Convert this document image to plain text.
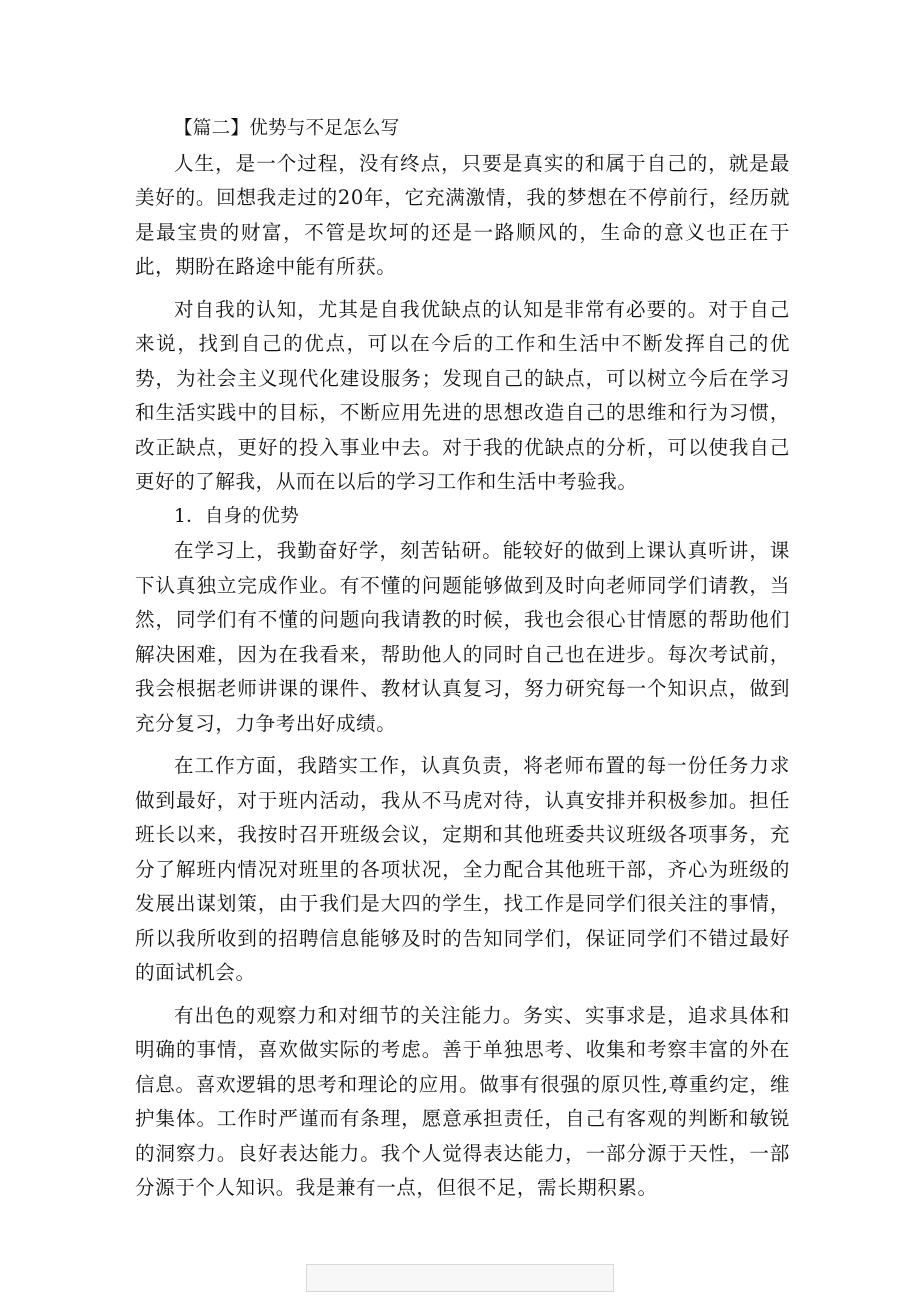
【篇二】优势与不足怎么写

人生，是一个过程，没有终点，只要是真实的和属于自己的，就是最美好的。回想我走过的20年，它充满激情，我的梦想在不停前行，经历就是最宝贵的财富，不管是坎坷的还是一路顺风的，生命的意义也正在于此，期盼在路途中能有所获。

对自我的认知，尤其是自我优缺点的认知是非常有必要的。对于自己来说，找到自己的优点，可以在今后的工作和生活中不断发挥自己的优势，为社会主义现代化建设服务；发现自己的缺点，可以树立今后在学习和生活实践中的目标，不断应用先进的思想改造自己的思维和行为习惯，改正缺点，更好的投入事业中去。对于我的优缺点的分析，可以使我自己更好的了解我，从而在以后的学习工作和生活中考验我。

1．自身的优势

在学习上，我勤奋好学，刻苦钻研。能较好的做到上课认真听讲，课下认真独立完成作业。有不懂的问题能够做到及时向老师同学们请教，当然，同学们有不懂的问题向我请教的时候，我也会很心甘情愿的帮助他们解决困难，因为在我看来，帮助他人的同时自己也在进步。每次考试前，我会根据老师讲课的课件、教材认真复习，努力研究每一个知识点，做到充分复习，力争考出好成绩。

在工作方面，我踏实工作，认真负责，将老师布置的每一份任务力求做到最好，对于班内活动，我从不马虎对待，认真安排并积极参加。担任班长以来，我按时召开班级会议，定期和其他班委共议班级各项事务，充分了解班内情况对班里的各项状况，全力配合其他班干部，齐心为班级的发展出谋划策，由于我们是大四的学生，找工作是同学们很关注的事情，所以我所收到的招聘信息能够及时的告知同学们，保证同学们不错过最好的面试机会。

有出色的观察力和对细节的关注能力。务实、实事求是，追求具体和明确的事情，喜欢做实际的考虑。善于单独思考、收集和考察丰富的外在信息。喜欢逻辑的思考和理论的应用。做事有很强的原贝性,尊重约定，维护集体。工作时严谨而有条理，愿意承担责任，自己有客观的判断和敏锐的洞察力。良好表达能力。我个人觉得表达能力，一部分源于天性，一部分源于个人知识。我是兼有一点，但很不足，需长期积累。
